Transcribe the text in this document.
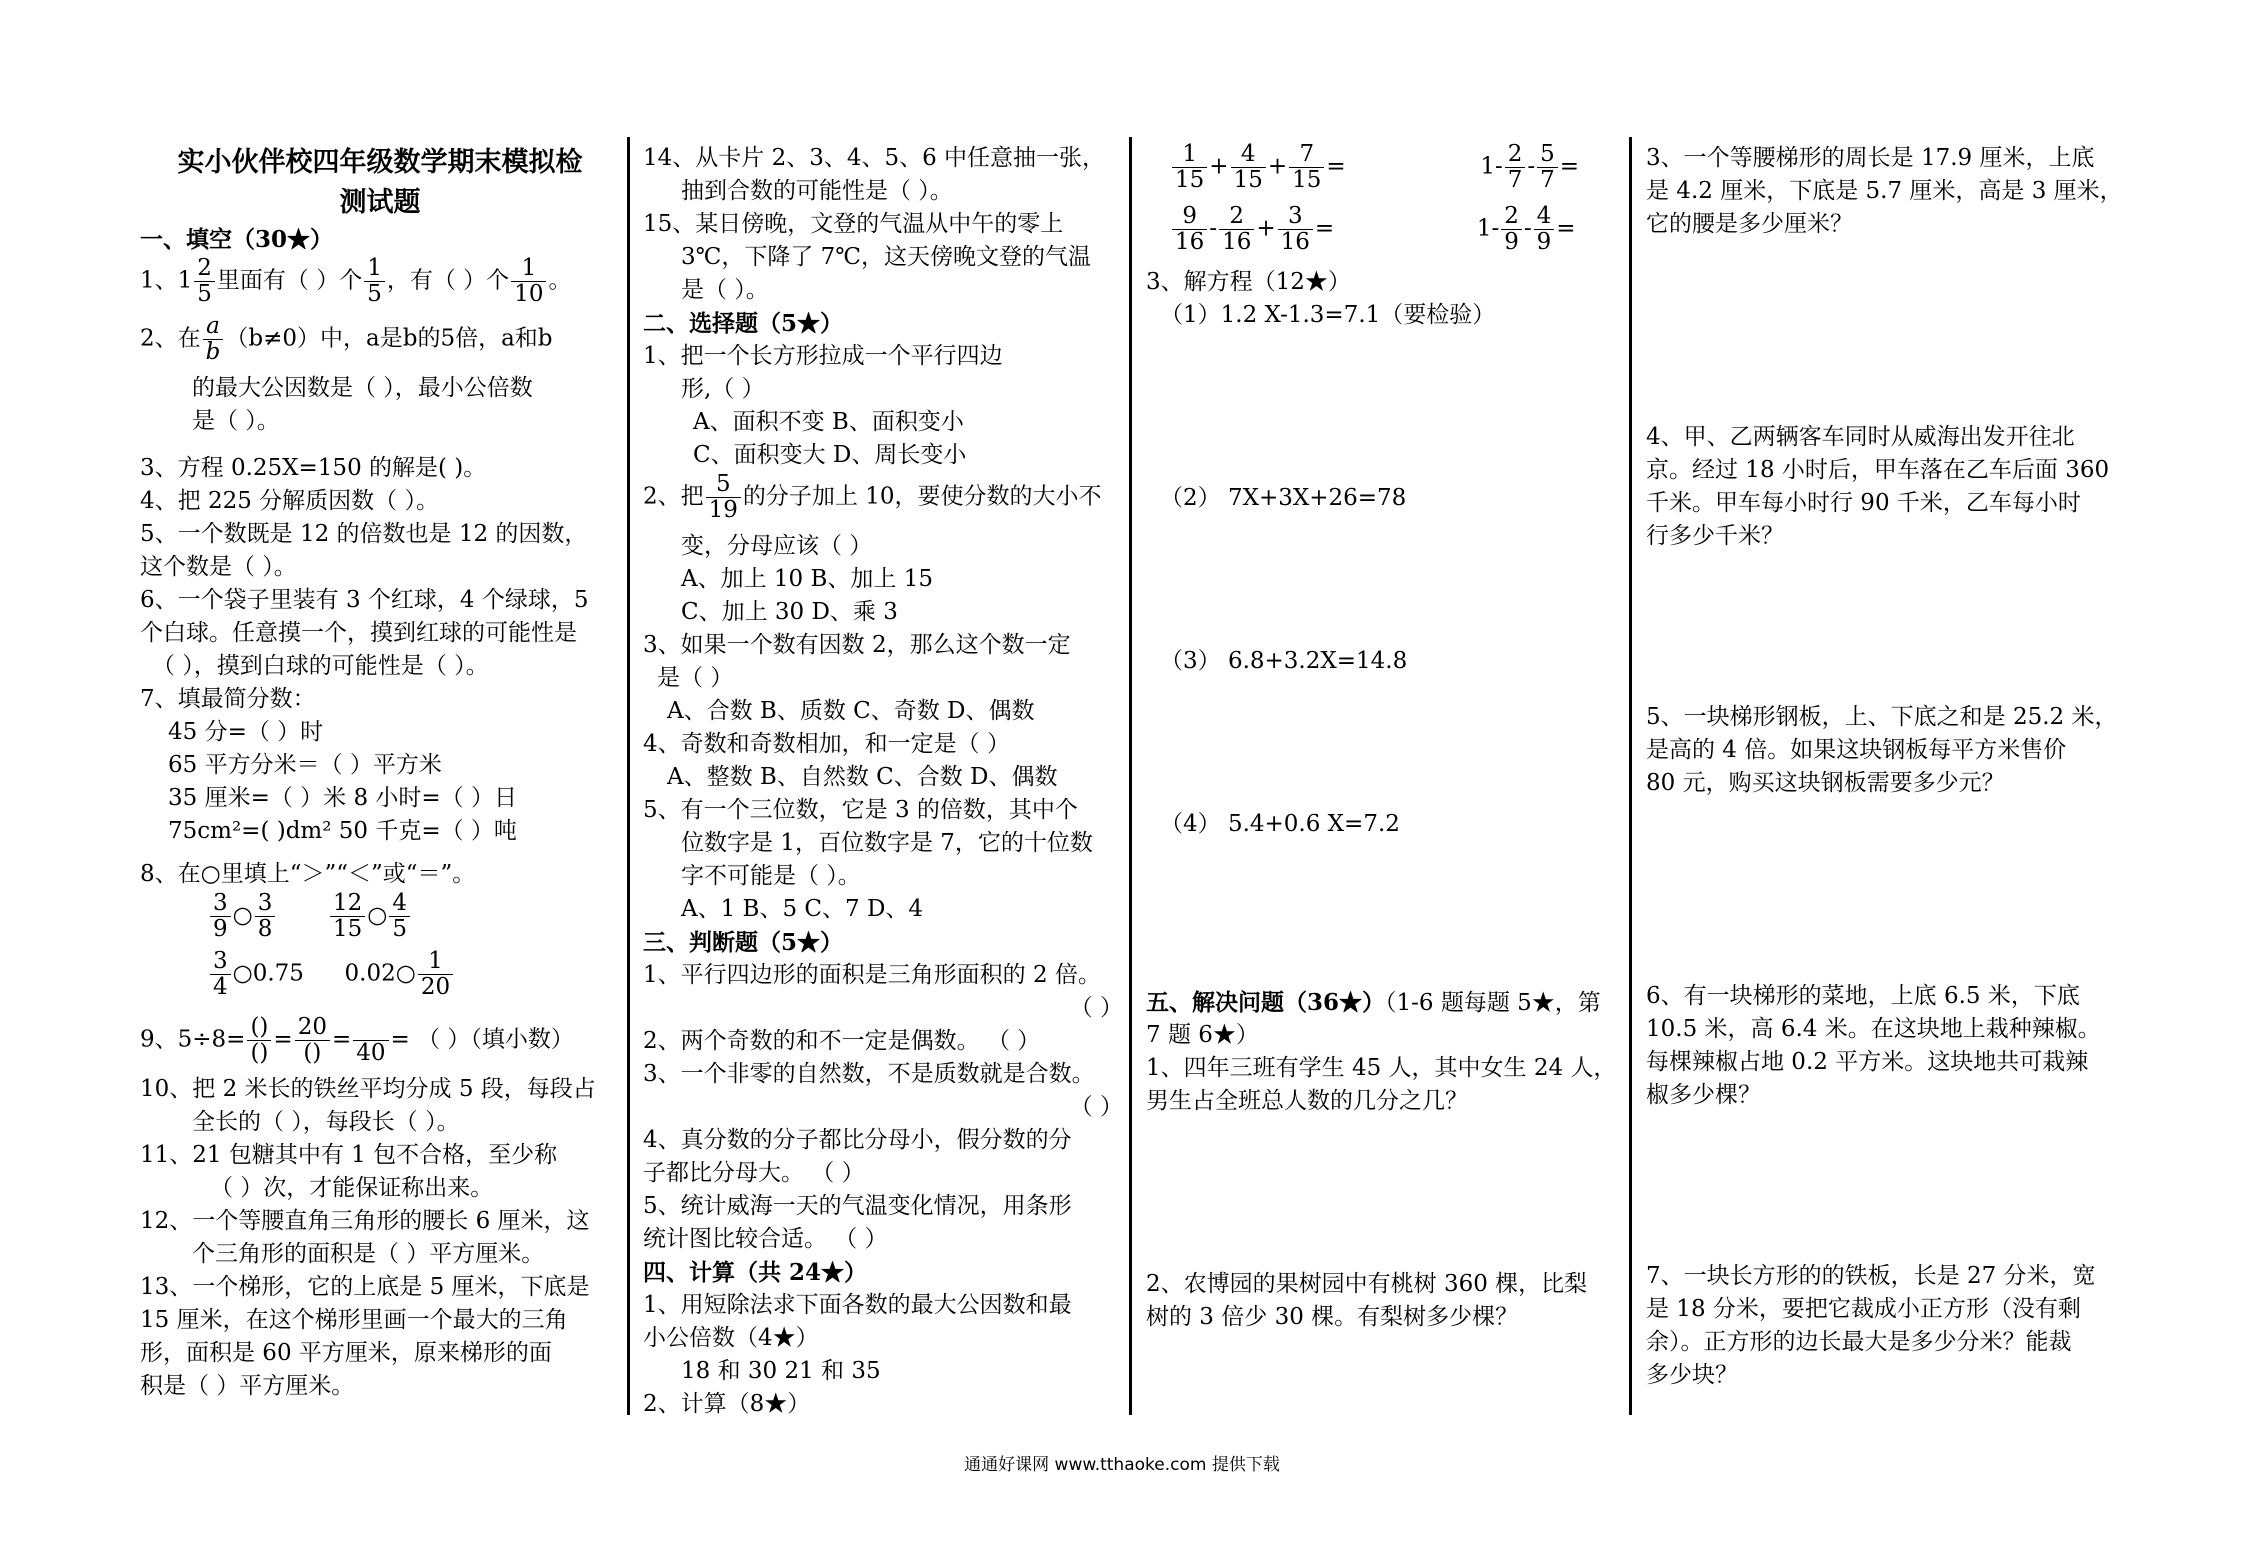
实小伙伴校四年级数学期末模拟检
测试题
一、填空（30★）
1、$1 \frac{2}{5}$ 里面有（ ）个 $\frac{1}{5}$ ，有（ ）个 $\frac{1}{10}$ 。
2、在 $\frac{a}{b} (b\ne 0)$中，a是b的5倍，a和b
的最大公因数是（ ），最小公倍数
是（ ）。
3、方程 0.25X=150 的解是( )。
4、把 225 分解质因数（ ）。
5、一个数既是 12 的倍数也是 12 的因数，
这个数是（ ）。
6、一个袋子里装有 3 个红球，4 个绿球，5
个白球。任意摸一个，摸到红球的可能性是
（ ），摸到白球的可能性是（ ）。
7、填最简分数：
45 分=（ ）时
65 平方分米＝（ ）平方米
35 厘米=（ ）米 8 小时=（ ）日
75cm²=( )dm² 50 千克=（ ）吨
8、在○里填上“＞”“＜”或“＝”。
$\frac{3}{9}$ ○ $\frac{3}{8}$
$\frac{12}{15}$ ○ $\frac{4}{5}$
$\frac{3}{4}$ ○0.75 0.02○ $\frac{1}{20}$
9、$5\div 8= \frac{()}{()} = \frac{20}{()}$ =
40
= （ ）（填小数）
10、把 2 米长的铁丝平均分成 5 段，每段占
全长的（ ），每段长（ ）。
11、21 包糖其中有 1 包不合格，至少称
（ ）次，才能保证称出来。
12、一个等腰直角三角形的腰长 6 厘米，这
个三角形的面积是（ ）平方厘米。
13、一个梯形，它的上底是 5 厘米，下底是
15 厘米，在这个梯形里画一个最大的三角
形，面积是 60 平方厘米，原来梯形的面
积是（ ）平方厘米。
14、从卡片 2、3、4、5、6 中任意抽一张，
抽到合数的可能性是（ ）。
15、某日傍晚，文登的气温从中午的零上
3℃，下降了 7℃，这天傍晚文登的气温
是（ ）。
二、选择题（5★）
1、把一个长方形拉成一个平行四边
形,（ ）
A、面积不变 B、面积变小
C、面积变大 D、周长变小
2、把 $\frac{5}{19}$ 的分子加上 10，要使分数的大小不
变，分母应该（ ）
A、加上 10 B、加上 15
C、加上 30 D、乘 3
3、如果一个数有因数 2，那么这个数一定
是（ ）
A、合数 B、质数 C、奇数 D、偶数
4、奇数和奇数相加，和一定是（ ）
A、整数 B、自然数 C、合数 D、偶数
5、有一个三位数，它是 3 的倍数，其中个
位数字是 1，百位数字是 7，它的十位数
字不可能是（ ）。
A、1 B、5 C、7 D、4
三、判断题（5★）
1、平行四边形的面积是三角形面积的 2 倍。
（ ）
2、两个奇数的和不一定是偶数。 （ ）
3、一个非零的自然数，不是质数就是合数。
（ ）
4、真分数的分子都比分母小，假分数的分
子都比分母大。 （ ）
5、统计威海一天的气温变化情况，用条形
统计图比较合适。 （ ）
四、计算（共 24★）
1、用短除法求下面各数的最大公因数和最
小公倍数（4★）
18 和 30 21 和 35
2、计算（8★）
$\frac{1}{15} + \frac{4}{15} + \frac{7}{15}$ =	$1- \frac{2}{7} - \frac{5}{7}$ =
$\frac{9}{16} - \frac{2}{16} + \frac{3}{16}$ =	$1- \frac{2}{9} - \frac{4}{9}$ =
3、解方程（12★）
（1）1.2 X-1.3=7.1（要检验）
（2） 7X+3X+26=78
（3） 6.8+3.2X=14.8
（4） 5.4+0.6 X=7.2
五、解决问题（36★）（1-6 题每题 5★，第
7 题 6★）
1、四年三班有学生 45 人，其中女生 24 人，
男生占全班总人数的几分之几？
2、农博园的果树园中有桃树 360 棵，比梨
树的 3 倍少 30 棵。有梨树多少棵？
3、一个等腰梯形的周长是 17.9 厘米，上底
是 4.2 厘米，下底是 5.7 厘米，高是 3 厘米，
它的腰是多少厘米？
4、甲、乙两辆客车同时从威海出发开往北
京。经过 18 小时后，甲车落在乙车后面 360
千米。甲车每小时行 90 千米，乙车每小时
行多少千米？
5、一块梯形钢板，上、下底之和是 25.2 米，
是高的 4 倍。如果这块钢板每平方米售价
80 元，购买这块钢板需要多少元？
6、有一块梯形的菜地，上底 6.5 米，下底
10.5 米，高 6.4 米。在这块地上栽种辣椒。
每棵辣椒占地 0.2 平方米。这块地共可栽辣
椒多少棵？
7、一块长方形的的铁板，长是 27 分米，宽
是 18 分米，要把它裁成小正方形（没有剩
余）。正方形的边长最大是多少分米？能裁
多少块？
通通好课网 www.tthaoke.com 提供下载
